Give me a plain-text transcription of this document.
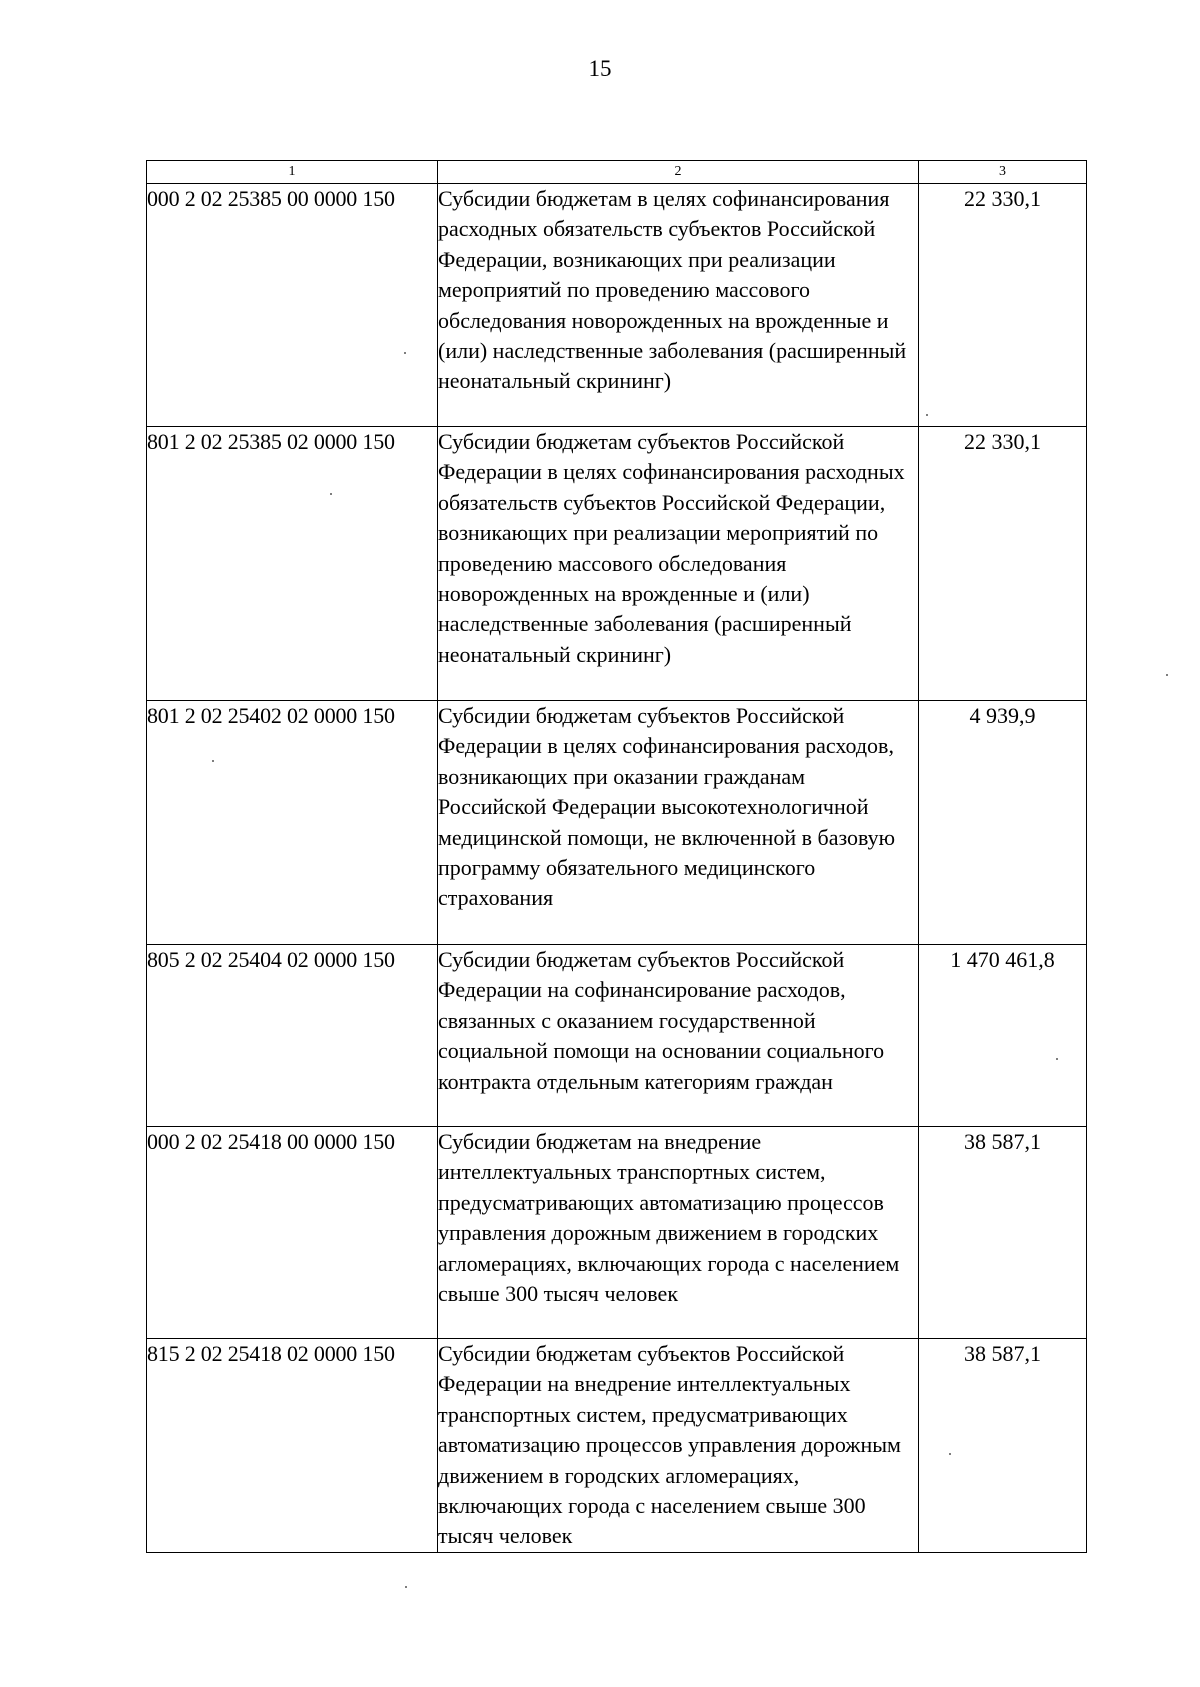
15
1	2	3
000 2 02 25385 00 0000 150	Субсидии бюджетам в целях софинансирования расходных обязательств субъектов Российской Федерации, возникающих при реализации мероприятий по проведению массового обследования новорожденных на врожденные и (или) наследственные заболевания (расширенный неонатальный скрининг)	22 330,1
801 2 02 25385 02 0000 150	Субсидии бюджетам субъектов Российской Федерации в целях софинансирования расходных обязательств субъектов Российской Федерации, возникающих при реализации мероприятий по проведению массового обследования новорожденных на врожденные и (или) наследственные заболевания (расширенный неонатальный скрининг)	22 330,1
801 2 02 25402 02 0000 150	Субсидии бюджетам субъектов Российской Федерации в целях софинансирования расходов, возникающих при оказании гражданам Российской Федерации высокотехнологичной медицинской помощи, не включенной в базовую программу обязательного медицинского страхования	4 939,9
805 2 02 25404 02 0000 150	Субсидии бюджетам субъектов Российской Федерации на софинансирование расходов, связанных с оказанием государственной социальной помощи на основании социального контракта отдельным категориям граждан	1 470 461,8
000 2 02 25418 00 0000 150	Субсидии бюджетам на внедрение интеллектуальных транспортных систем, предусматривающих автоматизацию процессов управления дорожным движением в городских агломерациях, включающих города с населением свыше 300 тысяч человек	38 587,1
815 2 02 25418 02 0000 150	Субсидии бюджетам субъектов Российской Федерации на внедрение интеллектуальных транспортных систем, предусматривающих автоматизацию процессов управления дорожным движением в городских агломерациях, включающих города с населением свыше 300 тысяч человек	38 587,1
